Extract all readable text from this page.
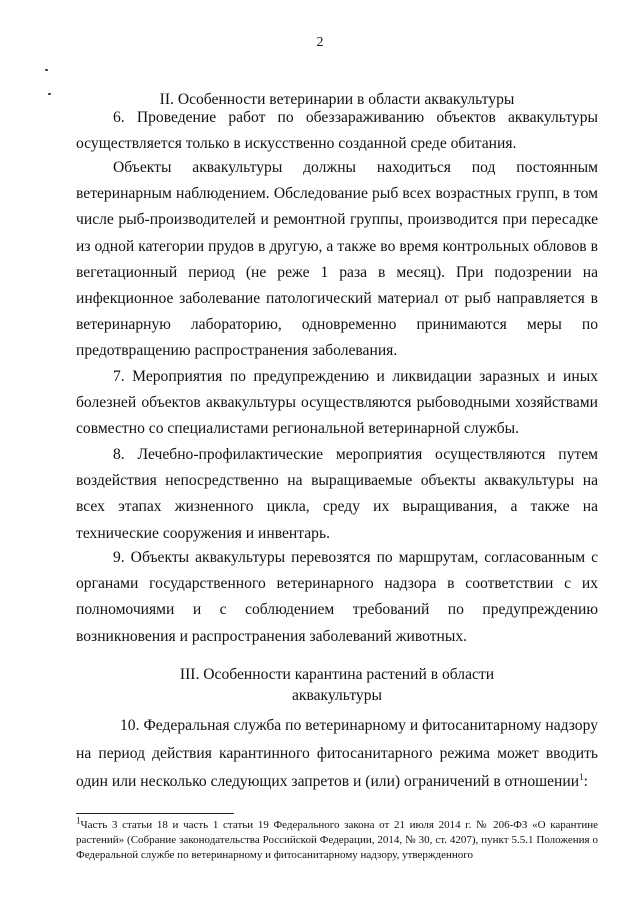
2
II. Особенности ветеринарии в области аквакультуры

6. Проведение работ по обеззараживанию объектов аквакультуры осуществляется только в искусственно созданной среде обитания.

Объекты аквакультуры должны находиться под постоянным ветеринарным наблюдением. Обследование рыб всех возрастных групп, в том числе рыб-производителей и ремонтной группы, производится при пересадке из одной категории прудов в другую, а также во время контрольных обловов в вегетационный период (не реже 1 раза в месяц). При подозрении на инфекционное заболевание патологический материал от рыб направляется в ветеринарную лабораторию, одновременно принимаются меры по предотвращению распространения заболевания.

7. Мероприятия по предупреждению и ликвидации заразных и иных болезней объектов аквакультуры осуществляются рыбоводными хозяйствами совместно со специалистами региональной ветеринарной службы.

8. Лечебно-профилактические мероприятия осуществляются путем воздействия непосредственно на выращиваемые объекты аквакультуры на всех этапах жизненного цикла, среду их выращивания, а также на технические сооружения и инвентарь.

9. Объекты аквакультуры перевозятся по маршрутам, согласованным с органами государственного ветеринарного надзора в соответствии с их полномочиями и с соблюдением требований по предупреждению возникновения и распространения заболеваний животных.

III. Особенности карантина растений в области
аквакультуры

10. Федеральная служба по ветеринарному и фитосанитарному надзору на период действия карантинного фитосанитарного режима может вводить один или несколько следующих запретов и (или) ограничений в отношении$^1$:

$^1$Часть 3 статьи 18 и часть 1 статьи 19 Федерального закона от 21 июля 2014 г. № 206-ФЗ «О карантине растений» (Собрание законодательства Российской Федерации, 2014, № 30, ст. 4207), пункт 5.5.1 Положения о Федеральной службе по ветеринарному и фитосанитарному надзору, утвержденного
